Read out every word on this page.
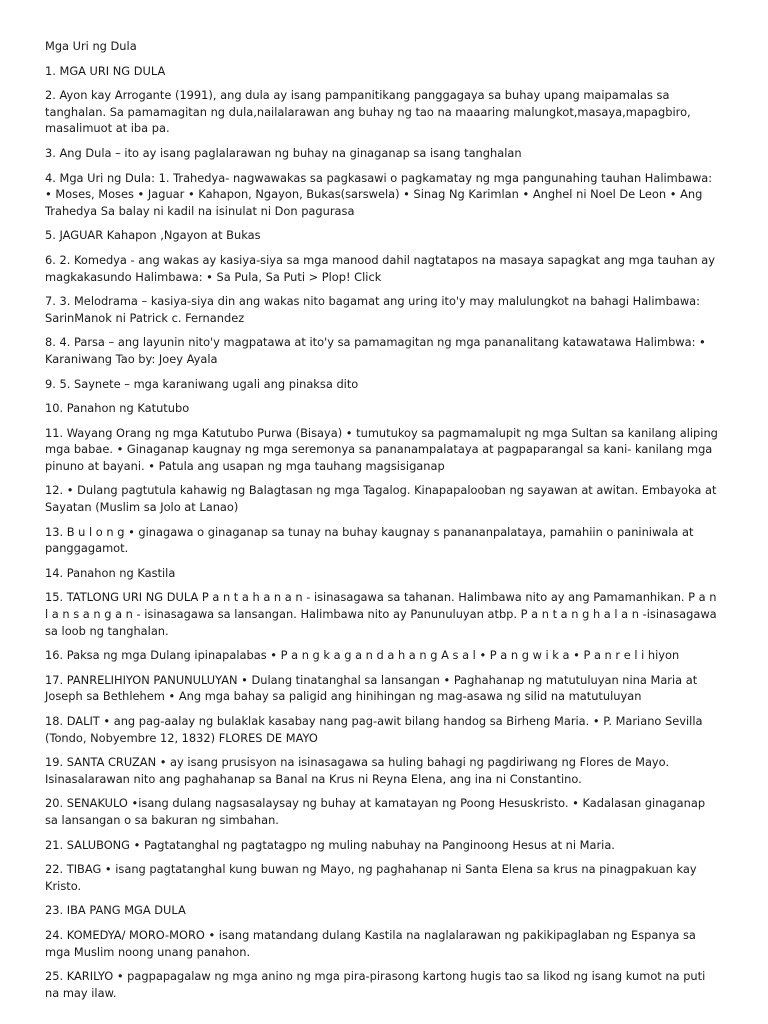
Mga Uri ng Dula

1. MGA URI NG DULA

2. Ayon kay Arrogante (1991), ang dula ay isang pampanitikang panggagaya sa buhay upang maipamalas sa tanghalan. Sa pamamagitan ng dula,nailalarawan ang buhay ng tao na maaaring malungkot,masaya,mapagbiro, masalimuot at iba pa.

3. Ang Dula – ito ay isang paglalarawan ng buhay na ginaganap sa isang tanghalan

4. Mga Uri ng Dula: 1. Trahedya- nagwawakas sa pagkasawi o pagkamatay ng mga pangunahing tauhan Halimbawa: • Moses, Moses • Jaguar • Kahapon, Ngayon, Bukas(sarswela) • Sinag Ng Karimlan • Anghel ni Noel De Leon • Ang Trahedya Sa balay ni kadil na isinulat ni Don pagurasa

5. JAGUAR Kahapon ,Ngayon at Bukas

6. 2. Komedya - ang wakas ay kasiya-siya sa mga manood dahil nagtatapos na masaya sapagkat ang mga tauhan ay magkakasundo Halimbawa: • Sa Pula, Sa Puti > Plop! Click

7. 3. Melodrama – kasiya-siya din ang wakas nito bagamat ang uring ito'y may malulungkot na bahagi Halimbawa: SarinManok ni Patrick c. Fernandez

8. 4. Parsa – ang layunin nito'y magpatawa at ito'y sa pamamagitan ng mga pananalitang katawatawa Halimbwa: • Karaniwang Tao by: Joey Ayala

9. 5. Saynete – mga karaniwang ugali ang pinaksa dito

10. Panahon ng Katutubo

11. Wayang Orang ng mga Katutubo Purwa (Bisaya) • tumutukoy sa pagmamalupit ng mga Sultan sa kanilang aliping mga babae. • Ginaganap kaugnay ng mga seremonya sa pananampalataya at pagpaparangal sa kani- kanilang mga pinuno at bayani. • Patula ang usapan ng mga tauhang magsisiganap

12. • Dulang pagtutula kahawig ng Balagtasan ng mga Tagalog. Kinapapalooban ng sayawan at awitan. Embayoka at Sayatan (Muslim sa Jolo at Lanao)

13. B u l o n g • ginagawa o ginaganap sa tunay na buhay kaugnay s panananpalataya, pamahiin o paniniwala at panggagamot.

14. Panahon ng Kastila

15. TATLONG URI NG DULA P a n t a h a n a n - isinasagawa sa tahanan. Halimbawa nito ay ang Pamamanhikan. P a n l a n s a n g a n - isinasagawa sa lansangan. Halimbawa nito ay Panunuluyan atbp. P a n t a n g h a l a n -isinasagawa sa loob ng tanghalan.

16. Paksa ng mga Dulang ipinapalabas • P a n g k a g a n d a h a n g A s a l • P a n g w i k a • P a n r e l i hiyon

17. PANRELIHIYON PANUNULUYAN • Dulang tinatanghal sa lansangan • Paghahanap ng matutuluyan nina Maria at Joseph sa Bethlehem • Ang mga bahay sa paligid ang hinihingan ng mag-asawa ng silid na matutuluyan

18. DALIT • ang pag-aalay ng bulaklak kasabay nang pag-awit bilang handog sa Birheng Maria. • P. Mariano Sevilla (Tondo, Nobyembre 12, 1832) FLORES DE MAYO

19. SANTA CRUZAN • ay isang prusisyon na isinasagawa sa huling bahagi ng pagdiriwang ng Flores de Mayo. Isinasalarawan nito ang paghahanap sa Banal na Krus ni Reyna Elena, ang ina ni Constantino.

20. SENAKULO •isang dulang nagsasalaysay ng buhay at kamatayan ng Poong Hesuskristo. • Kadalasan ginaganap sa lansangan o sa bakuran ng simbahan.

21. SALUBONG • Pagtatanghal ng pagtatagpo ng muling nabuhay na Panginoong Hesus at ni Maria.

22. TIBAG • isang pagtatanghal kung buwan ng Mayo, ng paghahanap ni Santa Elena sa krus na pinagpakuan kay Kristo.

23. IBA PANG MGA DULA

24. KOMEDYA/ MORO-MORO • isang matandang dulang Kastila na naglalarawan ng pakikipaglaban ng Espanya sa mga Muslim noong unang panahon.

25. KARILYO • pagpapagalaw ng mga anino ng mga pira-pirasong kartong hugis tao sa likod ng isang kumot na puti na may ilaw.
